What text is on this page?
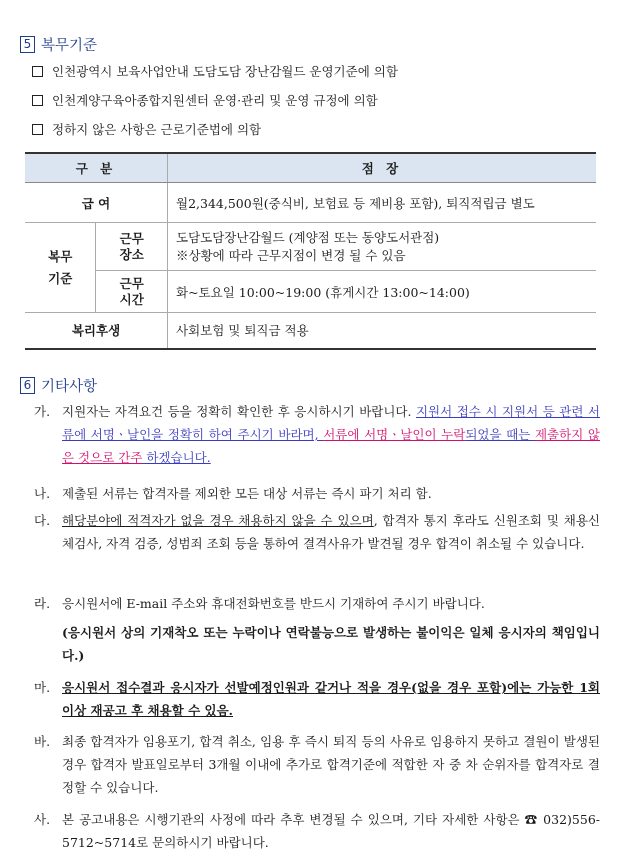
5 복무기준
인천광역시 보육사업안내 도담도담 장난감월드 운영기준에 의함
인천계양구육아종합지원센터 운영·관리 및 운영 규정에 의함
정하지 않은 사항은 근로기준법에 의함
구 분		점 장
급 여		월2,344,500원(중식비, 보험료 등 제비용 포함), 퇴직적립금 별도
복무 기준	근무 장소	도담도담장난감월드 (계양점 또는 동양도서관점)
※상황에 따라 근무지점이 변경 될 수 있음

	근무 시간	화~토요일 10:00~19:00 (휴게시간 13:00~14:00)
복리후생		사회보험 및 퇴직금 적용
6 기타사항
가. 지원자는 자격요건 등을 정확히 확인한 후 응시하시기 바랍니다. 지원서 접수 시 지원서 등 관련 서류에 서명ㆍ날인을 정확히 하여 주시기 바라며, 서류에 서명ㆍ날인이 누락되었을 때는 제출하지 않은 것으로 간주 하겠습니다.
나. 제출된 서류는 합격자를 제외한 모든 대상 서류는 즉시 파기 처리 함.
다. 해당분야에 적격자가 없을 경우 채용하지 않을 수 있으며, 합격자 통지 후라도 신원조회 및 채용신체검사, 자격 검증, 성범죄 조회 등을 통하여 결격사유가 발견될 경우 합격이 취소될 수 있습니다.
라. 응시원서에 E-mail 주소와 휴대전화번호를 반드시 기재하여 주시기 바랍니다.
(응시원서 상의 기재착오 또는 누락이나 연락불능으로 발생하는 불이익은 일체 응시자의 책임입니다.)
마. 응시원서 접수결과 응시자가 선발예정인원과 같거나 적을 경우(없을 경우 포함)에는 가능한 1회 이상 재공고 후 채용할 수 있음.
바. 최종 합격자가 임용포기, 합격 취소, 임용 후 즉시 퇴직 등의 사유로 임용하지 못하고 결원이 발생된 경우 합격자 발표일로부터 3개월 이내에 추가로 합격기준에 적합한 자 중 차 순위자를 합격자로 결정할 수 있습니다.
사. 본 공고내용은 시행기관의 사정에 따라 추후 변경될 수 있으며, 기타 자세한 사항은 ☎ 032)556-5712~5714로 문의하시기 바랍니다.
